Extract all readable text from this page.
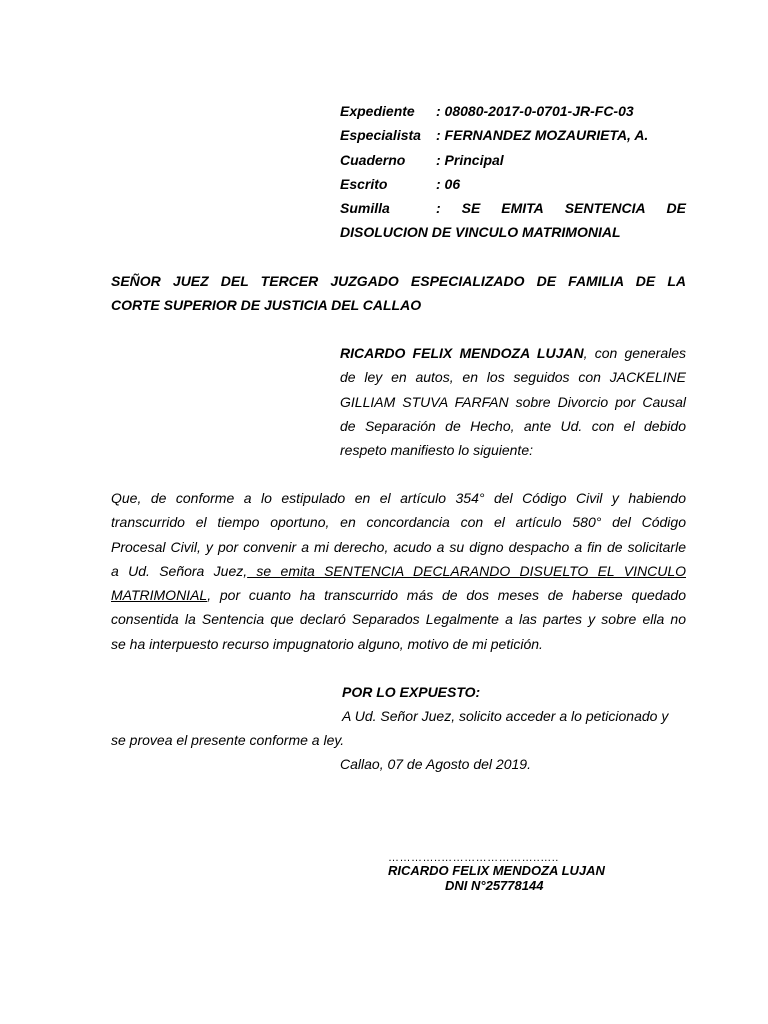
Expediente : 08080-2017-0-0701-JR-FC-03
Especialista : FERNANDEZ MOZAURIETA, A.
Cuaderno : Principal
Escrito	: 06
Sumilla	: SE EMITA SENTENCIA DE
DISOLUCION DE VINCULO MATRIMONIAL
SEÑOR JUEZ DEL TERCER JUZGADO ESPECIALIZADO DE FAMILIA DE LA
CORTE SUPERIOR DE JUSTICIA DEL CALLAO
RICARDO FELIX MENDOZA LUJAN, con generales
de ley en autos, en los seguidos con JACKELINE
GILLIAM STUVA FARFAN sobre Divorcio por Causal
de Separación de Hecho, ante Ud. con el debido
respeto manifiesto lo siguiente:
Que, de conforme a lo estipulado en el artículo 354° del Código Civil y habiendo
transcurrido el tiempo oportuno, en concordancia con el artículo 580° del Código
Procesal Civil, y por convenir a mi derecho, acudo a su digno despacho a fin de solicitarle
a Ud. Señora Juez, se emita SENTENCIA DECLARANDO DISUELTO EL VINCULO
MATRIMONIAL, por cuanto ha transcurrido más de dos meses de haberse quedado
consentida la Sentencia que declaró Separados Legalmente a las partes y sobre ella no
se ha interpuesto recurso impugnatorio alguno, motivo de mi petición.
POR LO EXPUESTO:
A Ud. Señor Juez, solicito acceder a lo peticionado y
se provea el presente conforme a ley.
Callao, 07 de Agosto del 2019.
…………..……………………..…..
RICARDO FELIX MENDOZA LUJAN
DNI N°25778144
